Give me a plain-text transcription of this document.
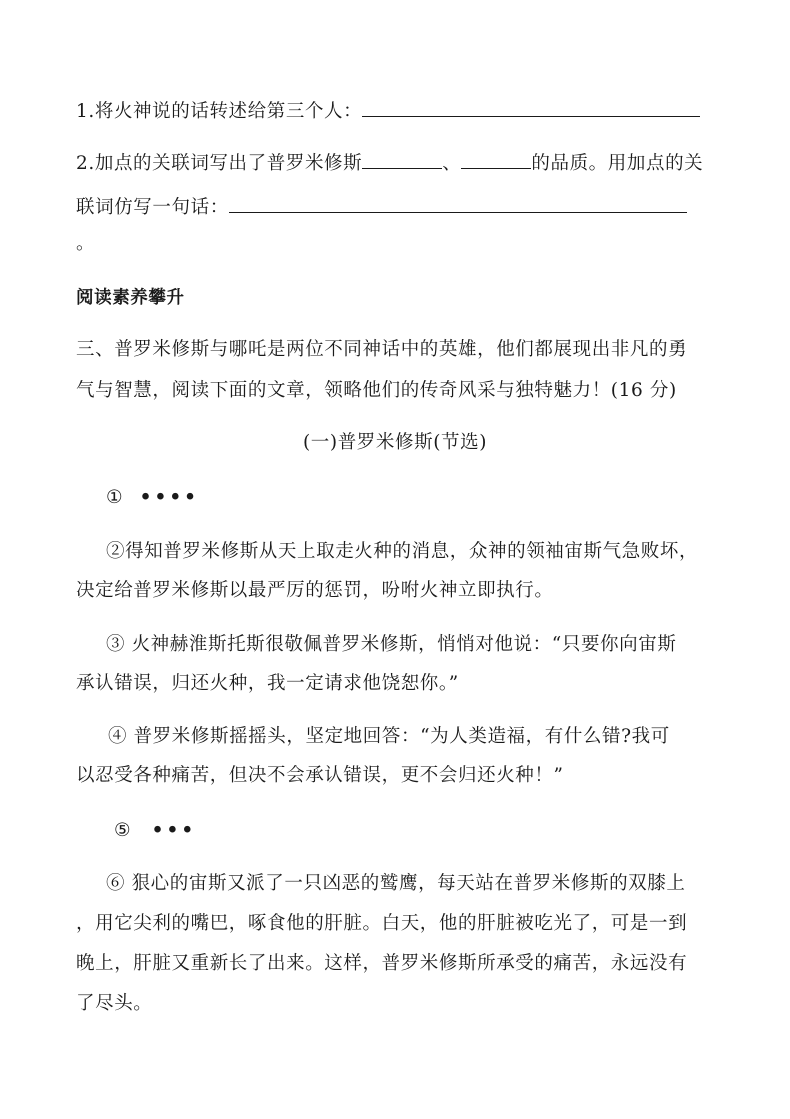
1.将火神说的话转述给第三个人：
2.加点的关联词写出了普罗米修斯	、	的品质。用加点的关
联词仿写一句话：
。
阅读素养攀升
三、普罗米修斯与哪吒是两位不同神话中的英雄，他们都展现出非凡的勇
气与智慧，阅读下面的文章，领略他们的传奇风采与独特魅力！(16 分)
(一)普罗米修斯(节选)
① ••••
②得知普罗米修斯从天上取走火种的消息，众神的领袖宙斯气急败坏，
决定给普罗米修斯以最严厉的惩罚，吩咐火神立即执行。
③ 火神赫淮斯托斯很敬佩普罗米修斯，悄悄对他说：“只要你向宙斯
承认错误，归还火种，我一定请求他饶恕你。”
④ 普罗米修斯摇摇头，坚定地回答：“为人类造福，有什么错?我可
以忍受各种痛苦，但决不会承认错误，更不会归还火种！”
⑤ •••
⑥ 狠心的宙斯又派了一只凶恶的鹫鹰，每天站在普罗米修斯的双膝上
，用它尖利的嘴巴，啄食他的肝脏。白天，他的肝脏被吃光了，可是一到
晚上，肝脏又重新长了出来。这样，普罗米修斯所承受的痛苦，永远没有
了尽头。
